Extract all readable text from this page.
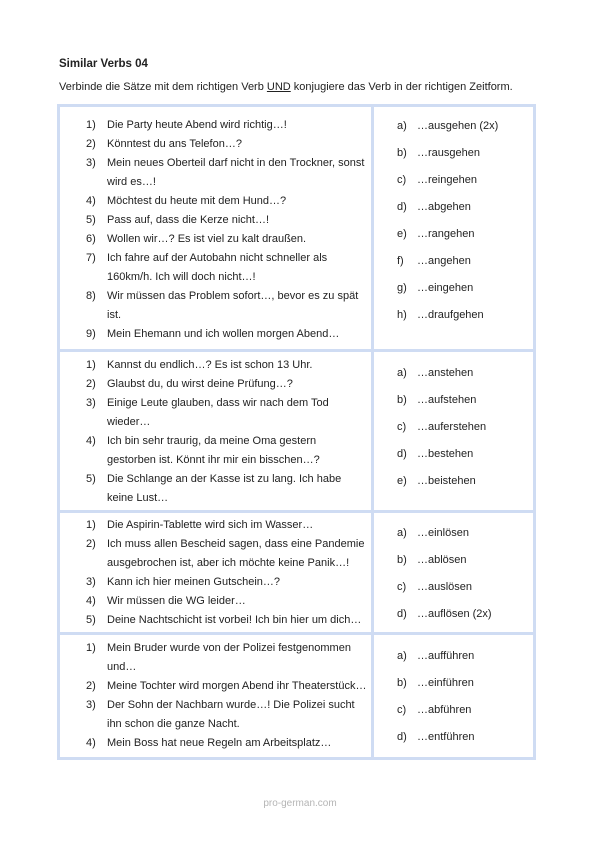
Similar Verbs 04
Verbinde die Sätze mit dem richtigen Verb UND konjugiere das Verb in der richtigen Zeitform.
1) Die Party heute Abend wird richtig…!
2) Könntest du ans Telefon…?
3) Mein neues Oberteil darf nicht in den Trockner, sonst wird es…!
4) Möchtest du heute mit dem Hund…?
5) Pass auf, dass die Kerze nicht…!
6) Wollen wir…? Es ist viel zu kalt draußen.
7) Ich fahre auf der Autobahn nicht schneller als 160km/h. Ich will doch nicht…!
8) Wir müssen das Problem sofort…, bevor es zu spät ist.
9) Mein Ehemann und ich wollen morgen Abend…
a) …ausgehen (2x)
b) …rausgehen
c) …reingehen
d) …abgehen
e) …rangehen
f) …angehen
g) …eingehen
h) …draufgehen
1) Kannst du endlich…? Es ist schon 13 Uhr.
2) Glaubst du, du wirst deine Prüfung…?
3) Einige Leute glauben, dass wir nach dem Tod wieder…
4) Ich bin sehr traurig, da meine Oma gestern gestorben ist. Könnt ihr mir ein bisschen…?
5) Die Schlange an der Kasse ist zu lang. Ich habe keine Lust…
a) …anstehen
b) …aufstehen
c) …auferstehen
d) …bestehen
e) …beistehen
1) Die Aspirin-Tablette wird sich im Wasser…
2) Ich muss allen Bescheid sagen, dass eine Pandemie ausgebrochen ist, aber ich möchte keine Panik…!
3) Kann ich hier meinen Gutschein…?
4) Wir müssen die WG leider…
5) Deine Nachtschicht ist vorbei! Ich bin hier um dich…
a) …einlösen
b) …ablösen
c) …auslösen
d) …auflösen (2x)
1) Mein Bruder wurde von der Polizei festgenommen und…
2) Meine Tochter wird morgen Abend ihr Theaterstück…
3) Der Sohn der Nachbarn wurde…! Die Polizei sucht ihn schon die ganze Nacht.
4) Mein Boss hat neue Regeln am Arbeitsplatz…
a) …aufführen
b) …einführen
c) …abführen
d) …entführen
pro-german.com
